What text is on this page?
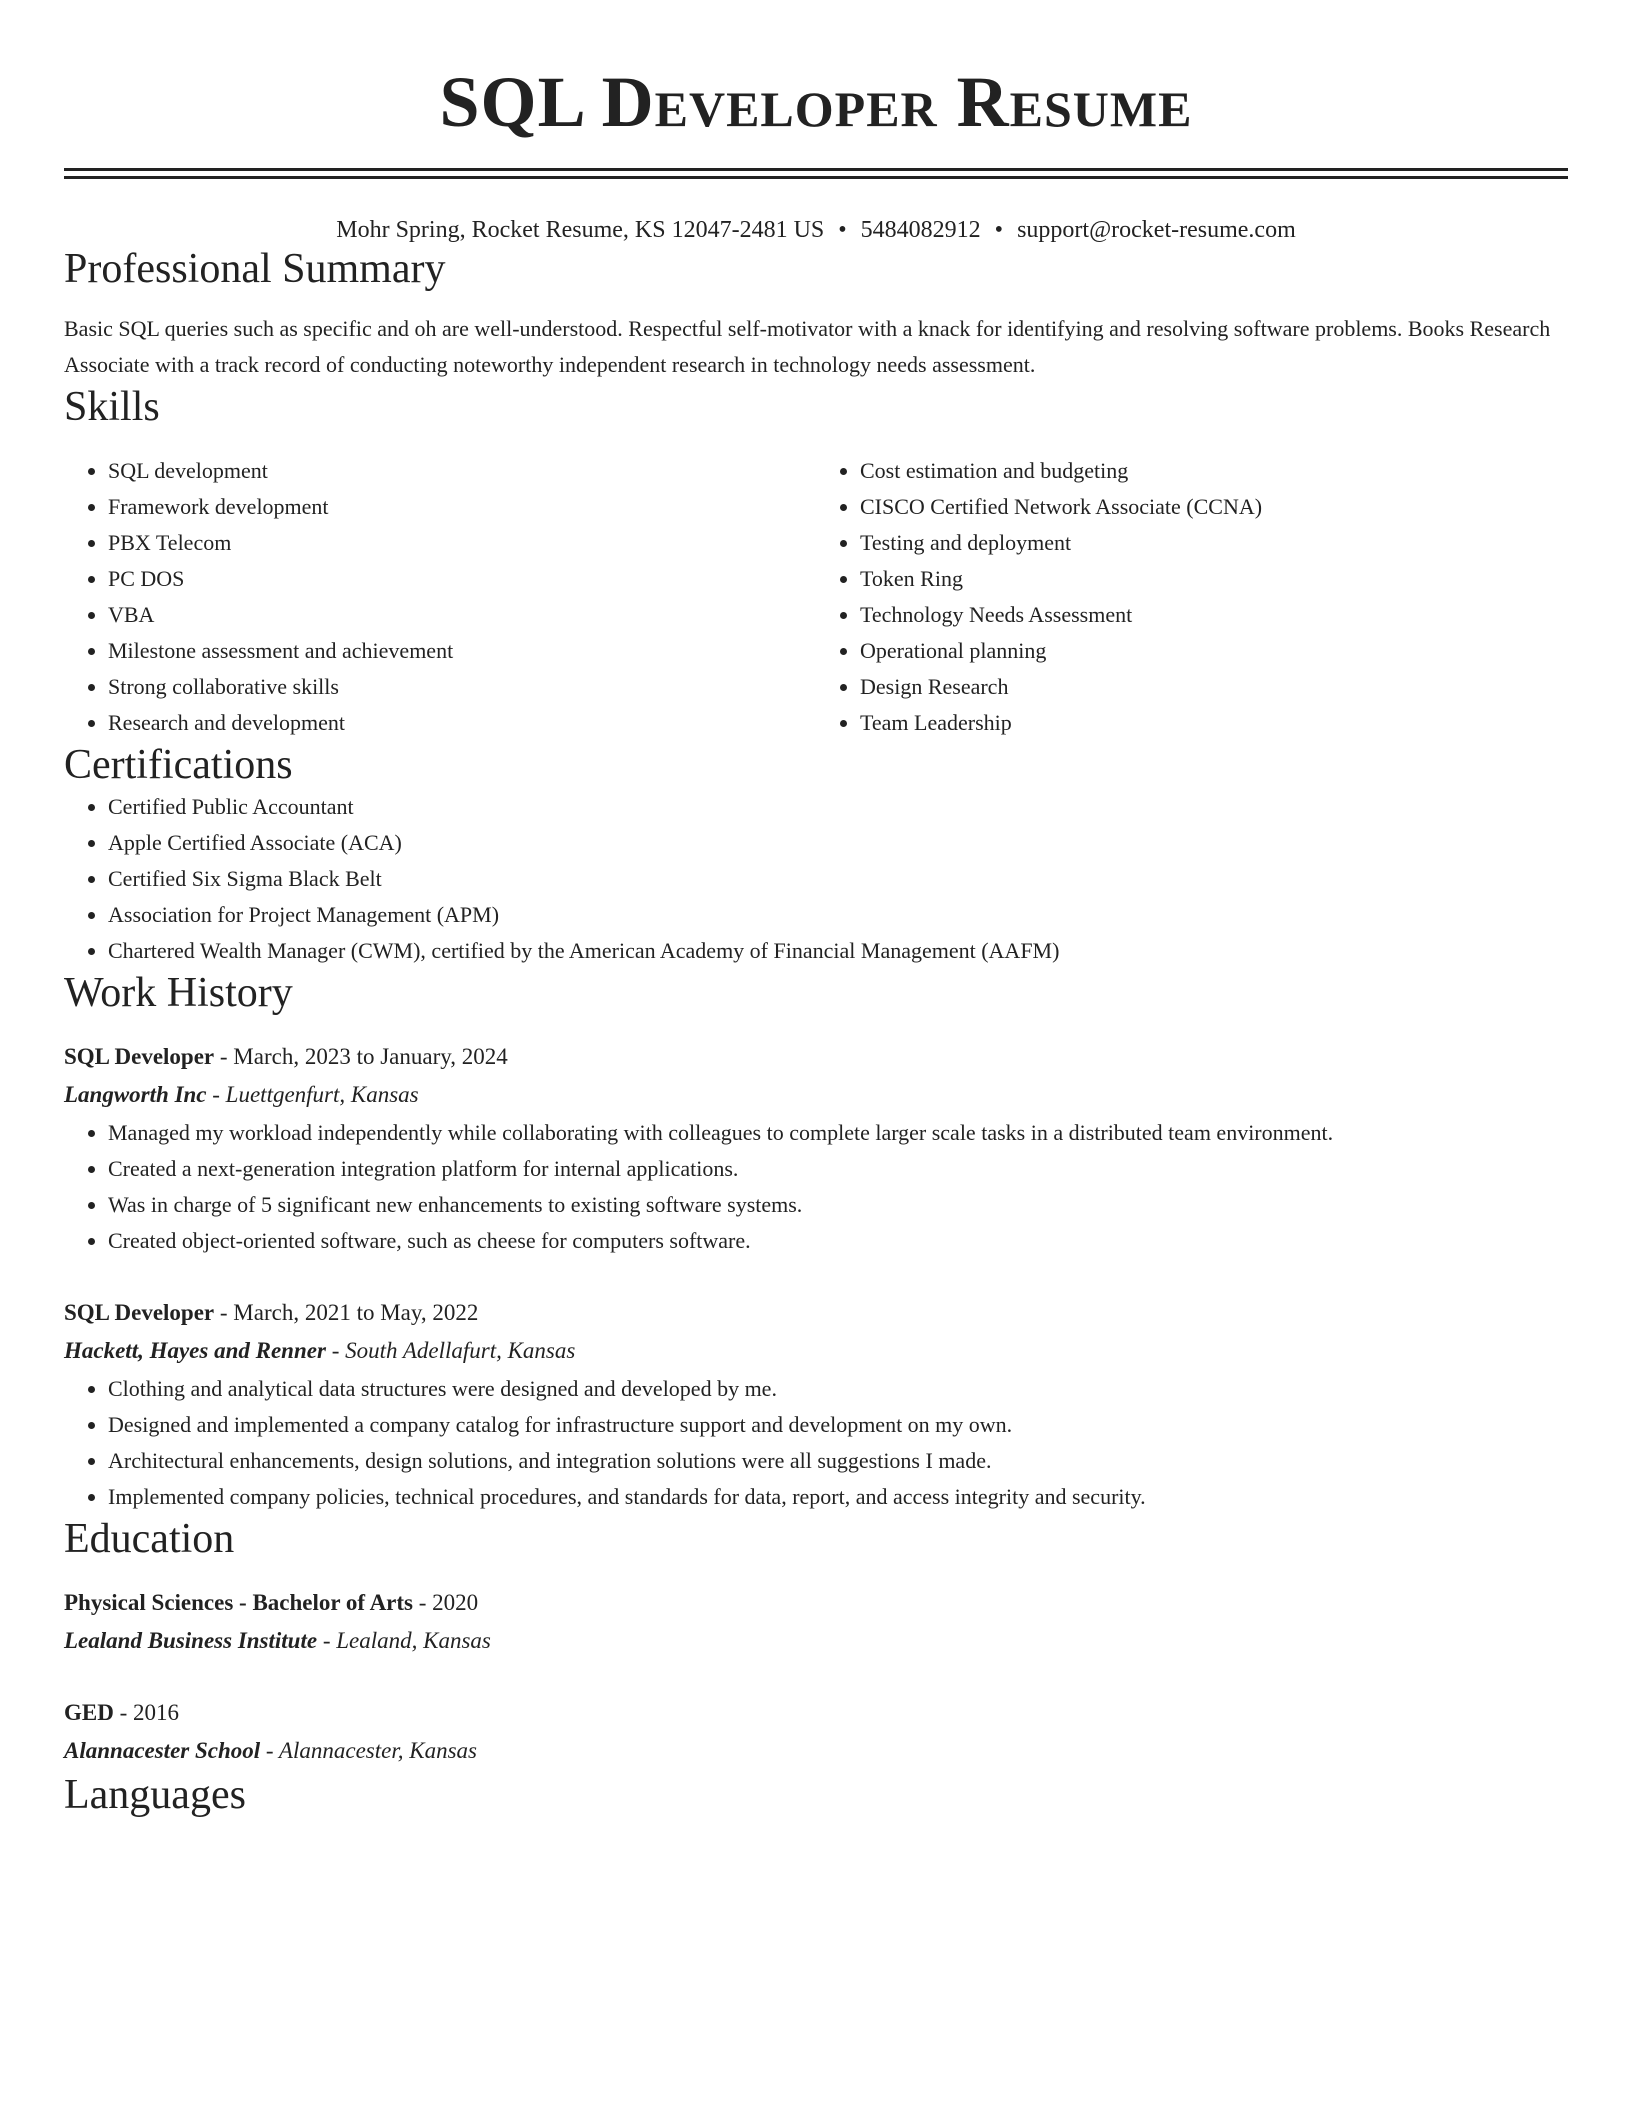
SQL Developer Resume
Mohr Spring, Rocket Resume, KS 12047-2481 US • 5484082912 • support@rocket-resume.com
Professional Summary
Basic SQL queries such as specific and oh are well-understood. Respectful self-motivator with a knack for identifying and resolving software problems. Books Research Associate with a track record of conducting noteworthy independent research in technology needs assessment.
Skills
• SQL development
• Framework development
• PBX Telecom
• PC DOS
• VBA
• Milestone assessment and achievement
• Strong collaborative skills
• Research and development
• Cost estimation and budgeting
• CISCO Certified Network Associate (CCNA)
• Testing and deployment
• Token Ring
• Technology Needs Assessment
• Operational planning
• Design Research
• Team Leadership
Certifications
• Certified Public Accountant
• Apple Certified Associate (ACA)
• Certified Six Sigma Black Belt
• Association for Project Management (APM)
• Chartered Wealth Manager (CWM), certified by the American Academy of Financial Management (AAFM)
Work History
SQL Developer - March, 2023 to January, 2024
Langworth Inc - Luettgenfurt, Kansas
• Managed my workload independently while collaborating with colleagues to complete larger scale tasks in a distributed team environment.
• Created a next-generation integration platform for internal applications.
• Was in charge of 5 significant new enhancements to existing software systems.
• Created object-oriented software, such as cheese for computers software.
SQL Developer - March, 2021 to May, 2022
Hackett, Hayes and Renner - South Adellafurt, Kansas
• Clothing and analytical data structures were designed and developed by me.
• Designed and implemented a company catalog for infrastructure support and development on my own.
• Architectural enhancements, design solutions, and integration solutions were all suggestions I made.
• Implemented company policies, technical procedures, and standards for data, report, and access integrity and security.
Education
Physical Sciences - Bachelor of Arts - 2020
Lealand Business Institute - Lealand, Kansas
GED - 2016
Alannacester School - Alannacester, Kansas
Languages
